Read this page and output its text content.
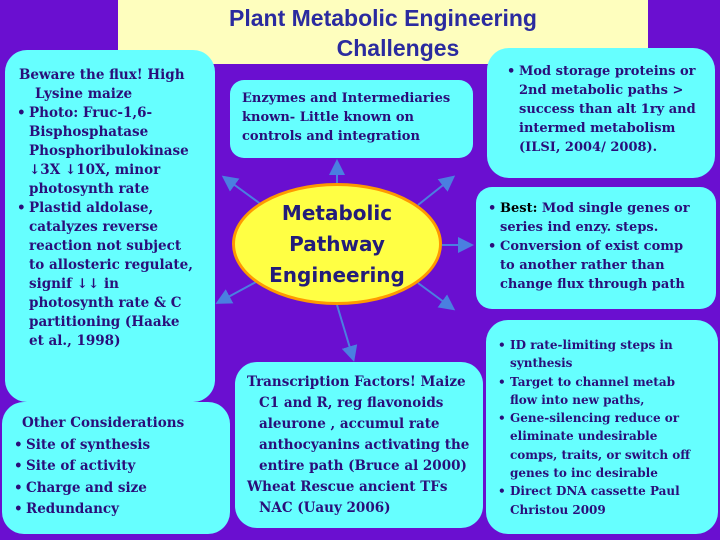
Plant Metabolic Engineering
Challenges
Beware the flux! High
Lysine maize
• Photo: Fruc-1,6-
Bisphosphatase
Phosphoribulokinase
↓3X ↓10X, minor
photosynth rate
• Plastid aldolase,
catalyzes reverse
reaction not subject
to allosteric regulate,
signif ↓↓ in
photosynth rate & C
partitioning (Haake
et al., 1998)
Enzymes and Intermediaries
known- Little known on
controls and integration
• Mod storage proteins or
2nd metabolic paths >
success than alt 1ry and
intermed metabolism
(ILSI, 2004/ 2008).
Metabolic
Pathway
Engineering
• Best: Mod single genes or
series ind enzy. steps.
• Conversion of exist comp
to another rather than
change flux through path
Other Considerations
• Site of synthesis
• Site of activity
• Charge and size
• Redundancy
Transcription Factors! Maize
C1 and R, reg flavonoids
aleurone , accumul rate
anthocyanins activating the
entire path (Bruce al 2000)
Wheat Rescue ancient TFs
NAC (Uauy 2006)
• ID rate-limiting steps in
synthesis
• Target to channel metab
flow into new paths,
• Gene-silencing reduce or
eliminate undesirable
comps, traits, or switch off
genes to inc desirable
• Direct DNA cassette Paul
Christou 2009
